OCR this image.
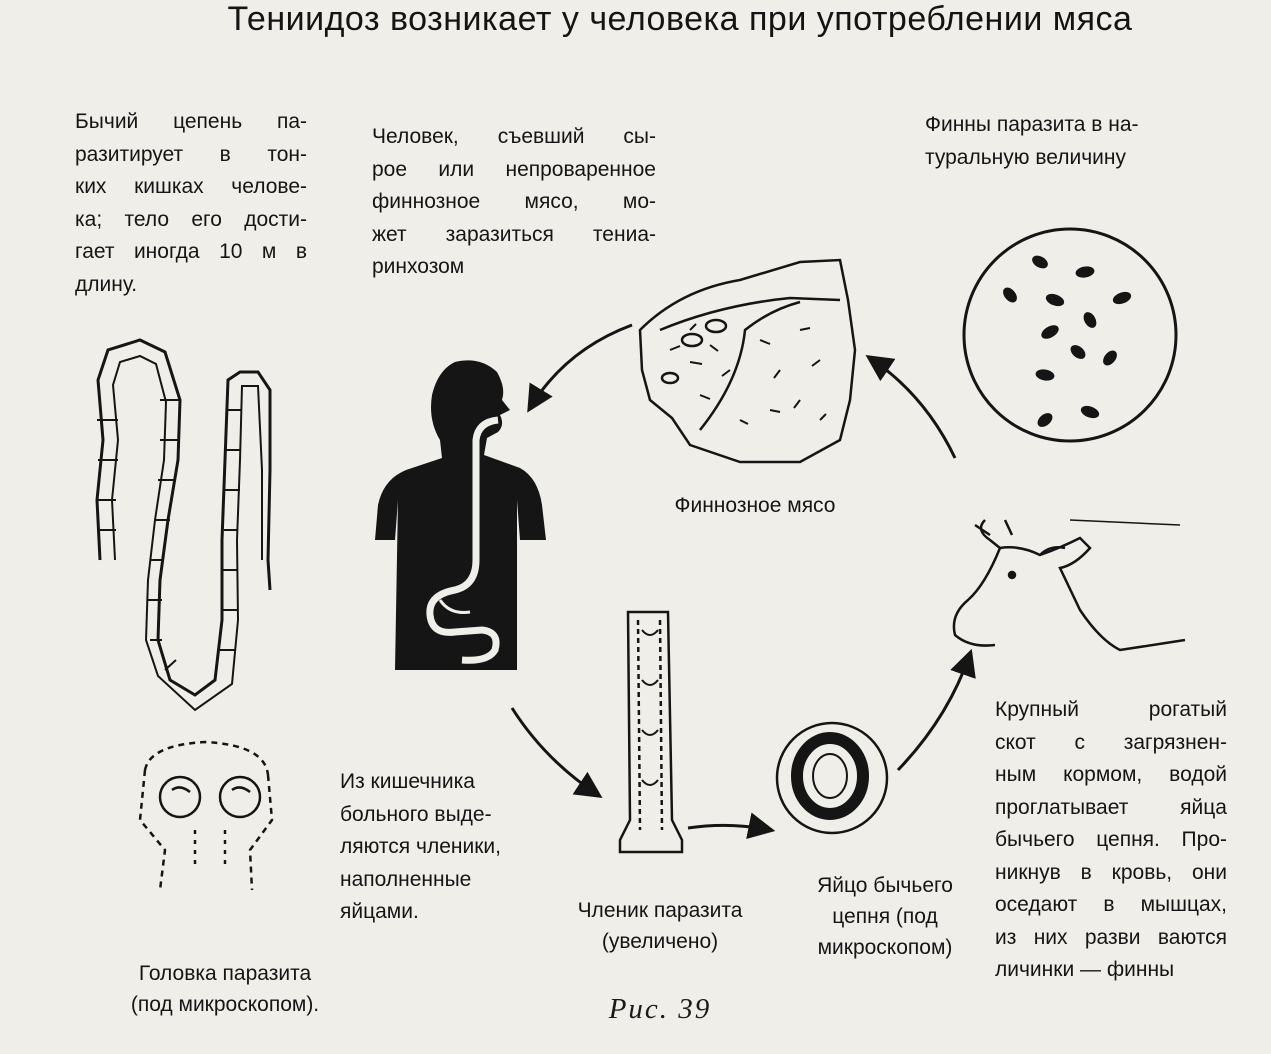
Тениидоз возникает у человека при употреблении мяса
Бычий цепень па-
разитирует в тон-
ких кишках челове-
ка; тело его дости-
гает иногда 10 м в
длину.
Человек, съевший сы-
рое или непроваренное
финнозное мясо, мо-
жет заразиться тениа-
ринхозом
Финны паразита в на-
туральную величину
Крупный рогатый
скот с загрязнен-
ным кормом, водой
проглатывает яйца
бычьего цепня. Про-
никнув в кровь, они
оседают в мышцах,
из них разви ваются
личинки — финны
Из кишечника
больного выде-
ляются членики,
наполненные
яйцами.
Финнозное мясо
Членик паразита
(увеличено)
Яйцо бычьего
цепня (под
микроскопом)
Головка паразита
(под микроскопом).	Рис. 39
